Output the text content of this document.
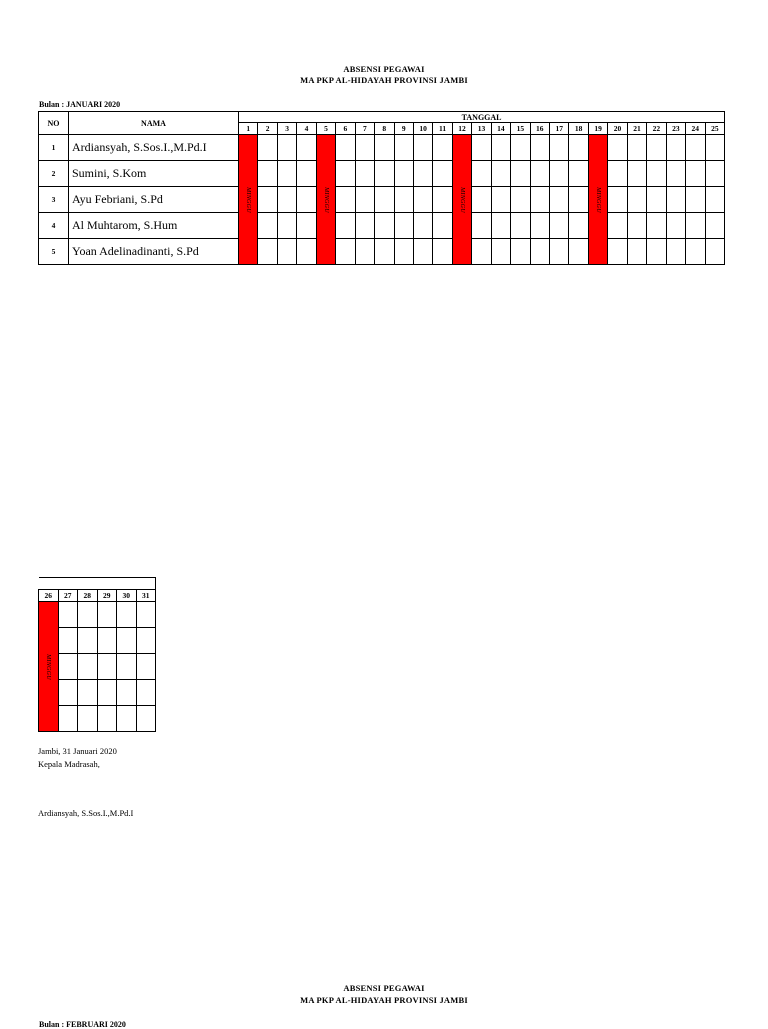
ABSENSI PEGAWAI
MA PKP AL-HIDAYAH PROVINSI JAMBI
Bulan : JANUARI 2020
NO	NAMA	TANGGAL																								
		1	2	3	4	5	6	7	8	9	10	11	12	13	14	15	16	17	18	19	20	21	22	23	24	25
1	Ardiansyah, S.Sos.I.,M.Pd.I	MINGGU				MINGGU							MINGGU							MINGGU						

2	Sumini, S.Kom																									
3	Ayu Febriani, S.Pd																									
4	Al Muhtarom, S.Hum																									
5	Yoan Adelinadinanti, S.Pd																									

26	27	28	29	30	31

MINGGU					

Jambi, 31 Januari 2020
Kepala Madrasah,
Ardiansyah, S.Sos.I.,M.Pd.I
ABSENSI PEGAWAI
MA PKP AL-HIDAYAH PROVINSI JAMBI
Bulan : FEBRUARI 2020
